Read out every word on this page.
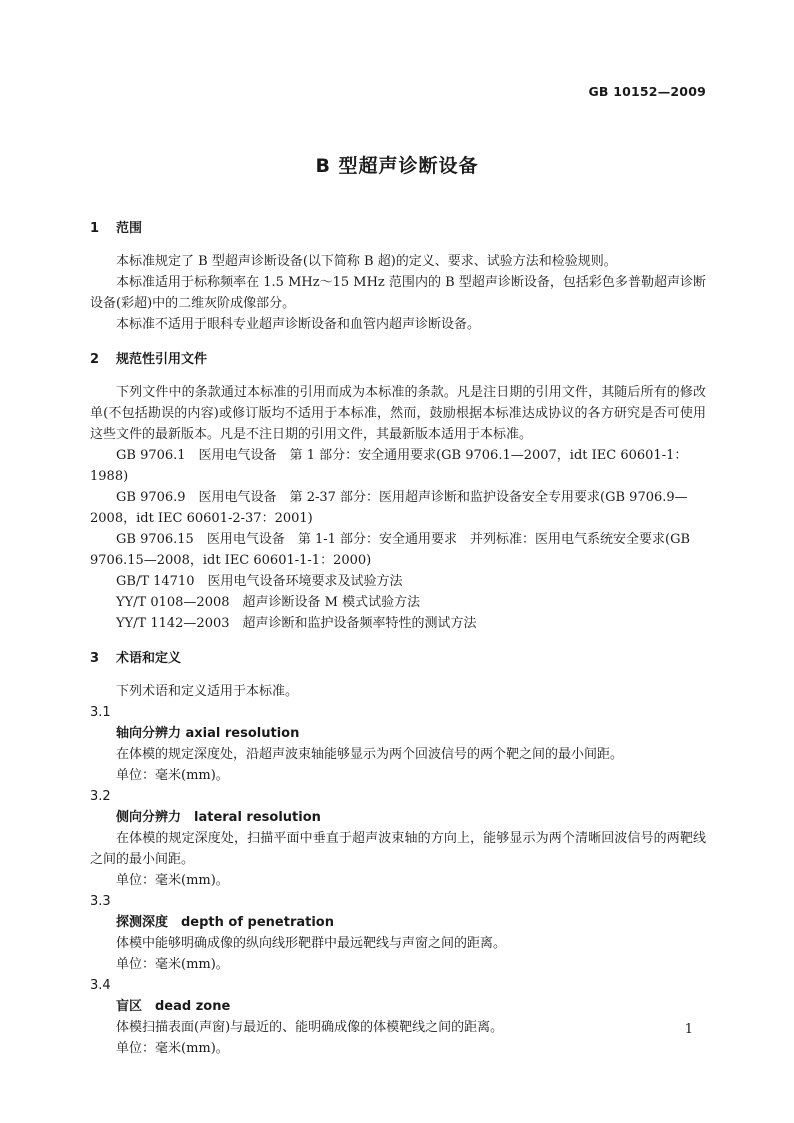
GB 10152—2009
B 型超声诊断设备
1 范围

本标准规定了 B 型超声诊断设备(以下简称 B 超)的定义、要求、试验方法和检验规则。

本标准适用于标称频率在 1.5 MHz～15 MHz 范围内的 B 型超声诊断设备，包括彩色多普勒超声诊断设备(彩超)中的二维灰阶成像部分。

本标准不适用于眼科专业超声诊断设备和血管内超声诊断设备。

2 规范性引用文件

下列文件中的条款通过本标准的引用而成为本标准的条款。凡是注日期的引用文件，其随后所有的修改单(不包括勘误的内容)或修订版均不适用于本标准，然而，鼓励根据本标准达成协议的各方研究是否可使用这些文件的最新版本。凡是不注日期的引用文件，其最新版本适用于本标准。

GB 9706.1　医用电气设备　第 1 部分：安全通用要求(GB 9706.1—2007，idt IEC 60601-1：1988)

GB 9706.9　医用电气设备　第 2-37 部分：医用超声诊断和监护设备安全专用要求(GB 9706.9—2008，idt IEC 60601-2-37：2001)

GB 9706.15　医用电气设备　第 1-1 部分：安全通用要求　并列标准：医用电气系统安全要求(GB 9706.15—2008，idt IEC 60601-1-1：2000)

GB/T 14710　医用电气设备环境要求及试验方法

YY/T 0108—2008　超声诊断设备 M 模式试验方法

YY/T 1142—2003　超声诊断和监护设备频率特性的测试方法

3 术语和定义

下列术语和定义适用于本标准。

3.1
轴向分辨力 axial resolution

在体模的规定深度处，沿超声波束轴能够显示为两个回波信号的两个靶之间的最小间距。

单位：毫米(mm)。

3.2
侧向分辨力　lateral resolution

在体模的规定深度处，扫描平面中垂直于超声波束轴的方向上，能够显示为两个清晰回波信号的两靶线之间的最小间距。

单位：毫米(mm)。

3.3
探测深度　depth of penetration

体模中能够明确成像的纵向线形靶群中最远靶线与声窗之间的距离。

单位：毫米(mm)。

3.4
盲区　dead zone

体模扫描表面(声窗)与最近的、能明确成像的体模靶线之间的距离。

单位：毫米(mm)。

1
